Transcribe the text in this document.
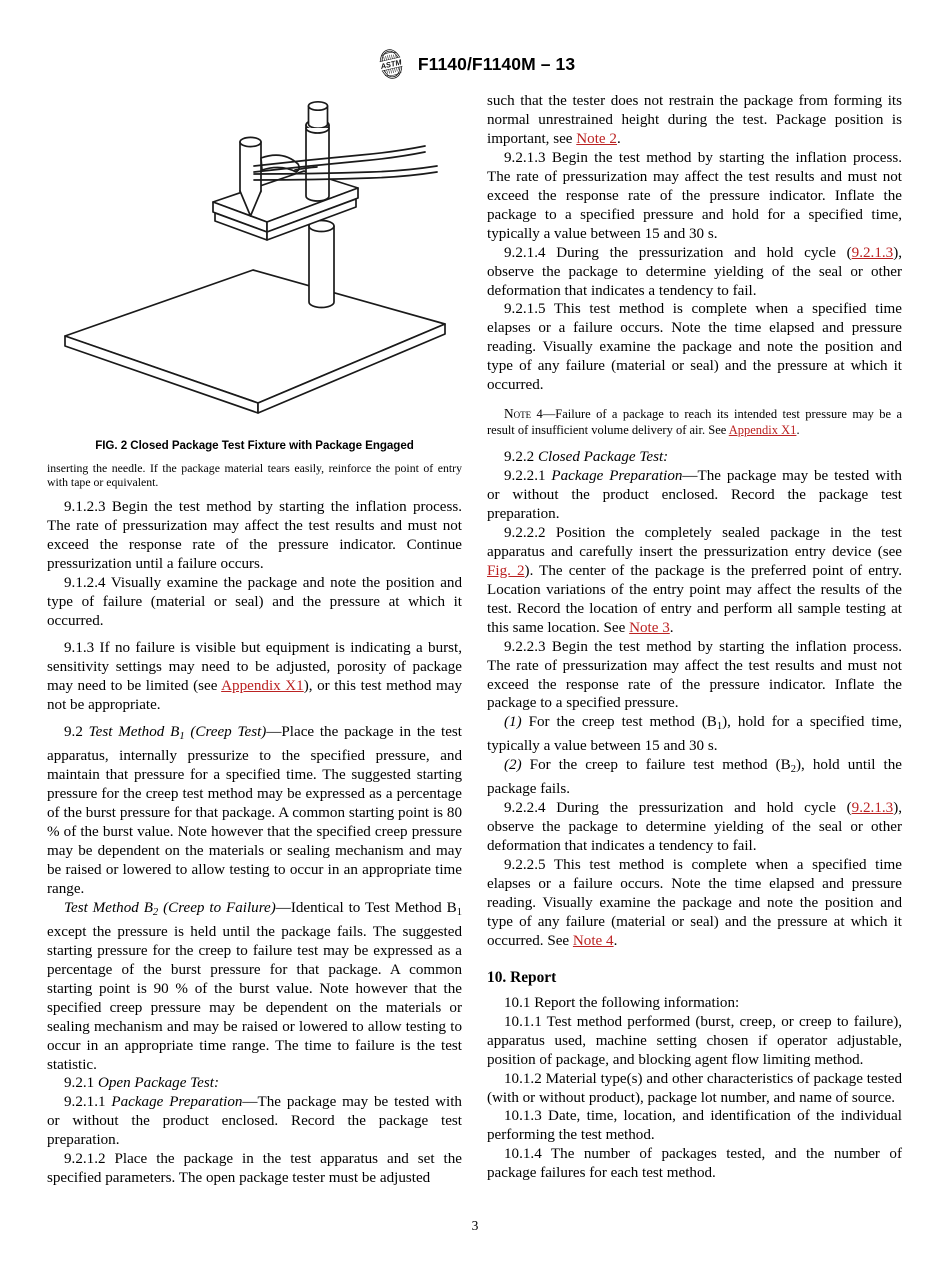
ASTM F1140/F1140M – 13
FIG. 2 Closed Package Test Fixture with Package Engaged

inserting the needle. If the package material tears easily, reinforce the point of entry with tape or equivalent.

9.1.2.3 Begin the test method by starting the inflation process. The rate of pressurization may affect the test results and must not exceed the response rate of the pressure indicator. Continue pressurization until a failure occurs.

9.1.2.4 Visually examine the package and note the position and type of failure (material or seal) and the pressure at which it occurred.

9.1.3 If no failure is visible but equipment is indicating a burst, sensitivity settings may need to be adjusted, porosity of package may need to be limited (see Appendix X1), or this test method may not be appropriate.

9.2 Test Method $B_1$ (Creep Test)—Place the package in the test apparatus, internally pressurize to the specified pressure, and maintain that pressure for a specified time. The suggested starting pressure for the creep test method may be expressed as a percentage of the burst pressure for that package. A common starting point is 80 % of the burst value. Note however that the specified creep pressure may be dependent on the materials or sealing mechanism and may be raised or lowered to allow testing to occur in an appropriate time range.

Test Method $B_2$ (Creep to Failure)—Identical to Test Method $B_1$ except the pressure is held until the package fails. The suggested starting pressure for the creep to failure test may be expressed as a percentage of the burst pressure for that package. A common starting point is 90 % of the burst value. Note however that the specified creep pressure may be dependent on the materials or sealing mechanism and may be raised or lowered to allow testing to occur in an appropriate time range. The time to failure is the test statistic.

9.2.1 Open Package Test:

9.2.1.1 Package Preparation—The package may be tested with or without the product enclosed. Record the package test preparation.

9.2.1.2 Place the package in the test apparatus and set the specified parameters. The open package tester must be adjusted

such that the tester does not restrain the package from forming its normal unrestrained height during the test. Package position is important, see Note 2.

9.2.1.3 Begin the test method by starting the inflation process. The rate of pressurization may affect the test results and must not exceed the response rate of the pressure indicator. Inflate the package to a specified pressure and hold for a specified time, typically a value between 15 and 30 s.

9.2.1.4 During the pressurization and hold cycle (9.2.1.3), observe the package to determine yielding of the seal or other deformation that indicates a tendency to fail.

9.2.1.5 This test method is complete when a specified time elapses or a failure occurs. Note the time elapsed and pressure reading. Visually examine the package and note the position and type of any failure (material or seal) and the pressure at which it occurred.

Note 4—Failure of a package to reach its intended test pressure may be a result of insufficient volume delivery of air. See Appendix X1.

9.2.2 Closed Package Test:

9.2.2.1 Package Preparation—The package may be tested with or without the product enclosed. Record the package test preparation.

9.2.2.2 Position the completely sealed package in the test apparatus and carefully insert the pressurization entry device (see Fig. 2). The center of the package is the preferred point of entry. Location variations of the entry point may affect the results of the test. Record the location of entry and perform all sample testing at this same location. See Note 3.

9.2.2.3 Begin the test method by starting the inflation process. The rate of pressurization may affect the test results and must not exceed the response rate of the pressure indicator. Inflate the package to a specified pressure.

(1) For the creep test method $(B_1)$, hold for a specified time, typically a value between 15 and 30 s.

(2) For the creep to failure test method $(B_2)$, hold until the package fails.

9.2.2.4 During the pressurization and hold cycle (9.2.1.3), observe the package to determine yielding of the seal or other deformation that indicates a tendency to fail.

9.2.2.5 This test method is complete when a specified time elapses or a failure occurs. Note the time elapsed and pressure reading. Visually examine the package and note the position and type of any failure (material or seal) and the pressure at which it occurred. See Note 4.

10. Report

10.1 Report the following information:

10.1.1 Test method performed (burst, creep, or creep to failure), apparatus used, machine setting chosen if operator adjustable, position of package, and blocking agent flow limiting method.

10.1.2 Material type(s) and other characteristics of package tested (with or without product), package lot number, and name of source.

10.1.3 Date, time, location, and identification of the individual performing the test method.

10.1.4 The number of packages tested, and the number of package failures for each test method.

3
